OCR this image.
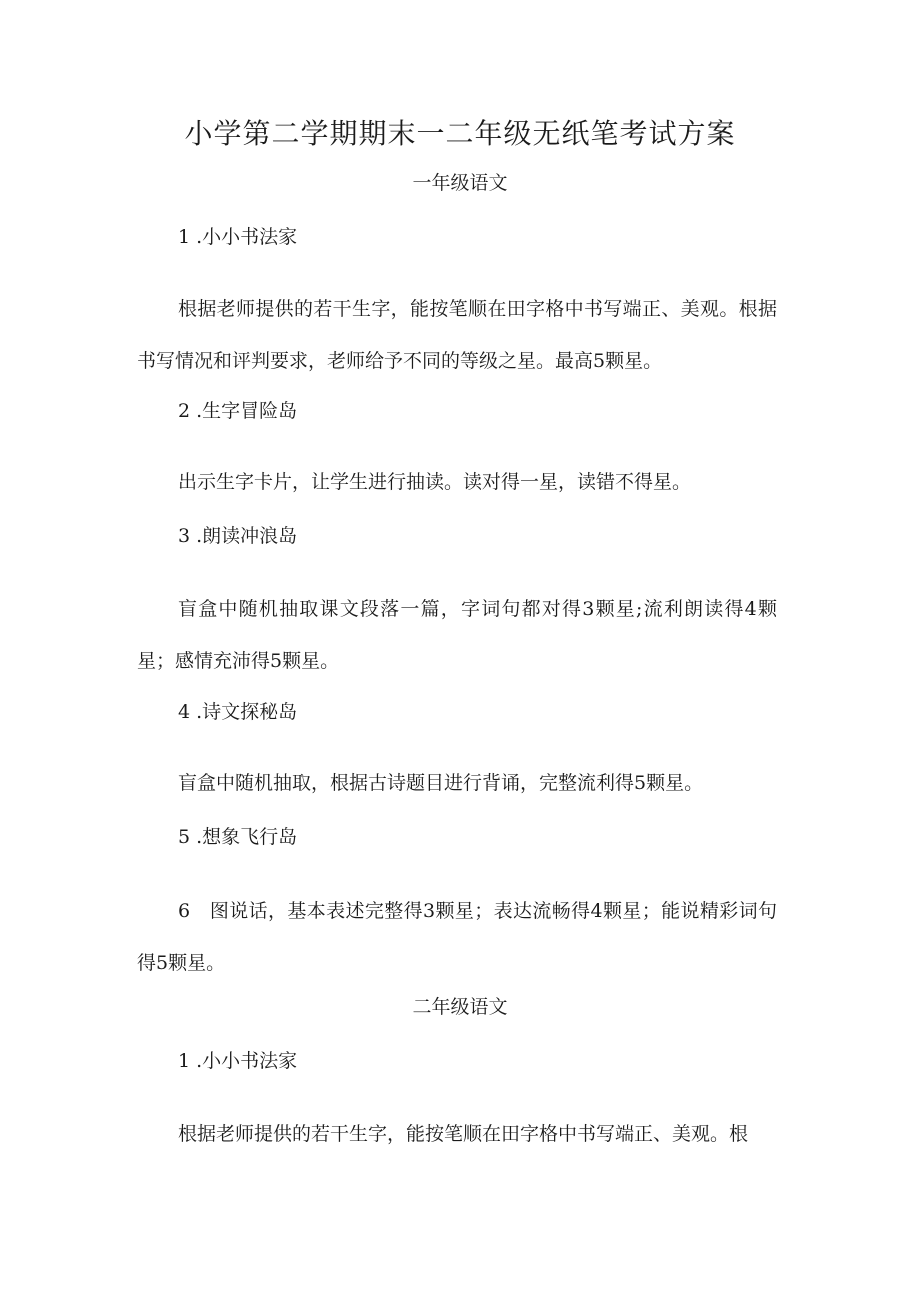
小学第二学期期末一二年级无纸笔考试方案
一年级语文
1 .小小书法家
根据老师提供的若干生字，能按笔顺在田字格中书写端正、美观。根据书写情况和评判要求，老师给予不同的等级之星。最高5颗星。
2 .生字冒险岛
出示生字卡片，让学生进行抽读。读对得一星，读错不得星。
3 .朗读冲浪岛
盲盒中随机抽取课文段落一篇，字词句都对得3颗星;流利朗读得4颗星；感情充沛得5颗星。
4 .诗文探秘岛
盲盒中随机抽取，根据古诗题目进行背诵，完整流利得5颗星。
5 .想象飞行岛
6　图说话，基本表述完整得3颗星；表达流畅得4颗星；能说精彩词句得5颗星。
二年级语文
1 .小小书法家
根据老师提供的若干生字，能按笔顺在田字格中书写端正、美观。根
